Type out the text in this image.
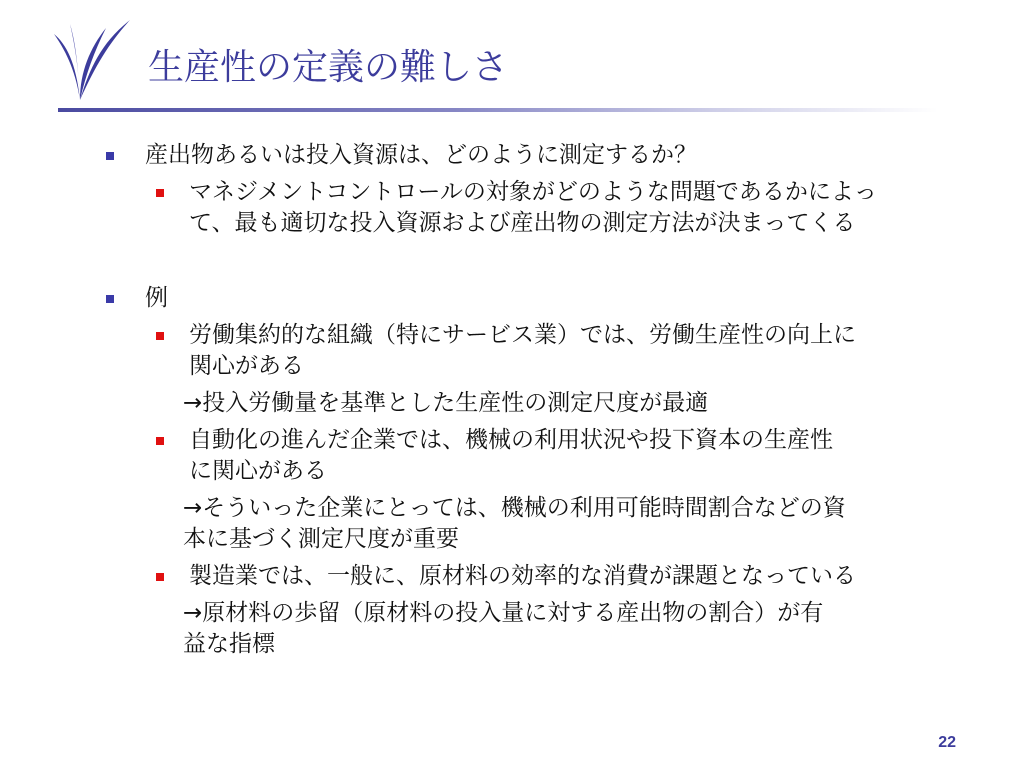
生産性の定義の難しさ
産出物あるいは投入資源は、どのように測定するか？
マネジメントコントロールの対象がどのような問題であるかによっ
て、最も適切な投入資源および産出物の測定方法が決まってくる
例
労働集約的な組織（特にサービス業）では、労働生産性の向上に
関心がある
→投入労働量を基準とした生産性の測定尺度が最適
自動化の進んだ企業では、機械の利用状況や投下資本の生産性
に関心がある
→そういった企業にとっては、機械の利用可能時間割合などの資
本に基づく測定尺度が重要
製造業では、一般に、原材料の効率的な消費が課題となっている
→原材料の歩留（原材料の投入量に対する産出物の割合）が有
益な指標
22
